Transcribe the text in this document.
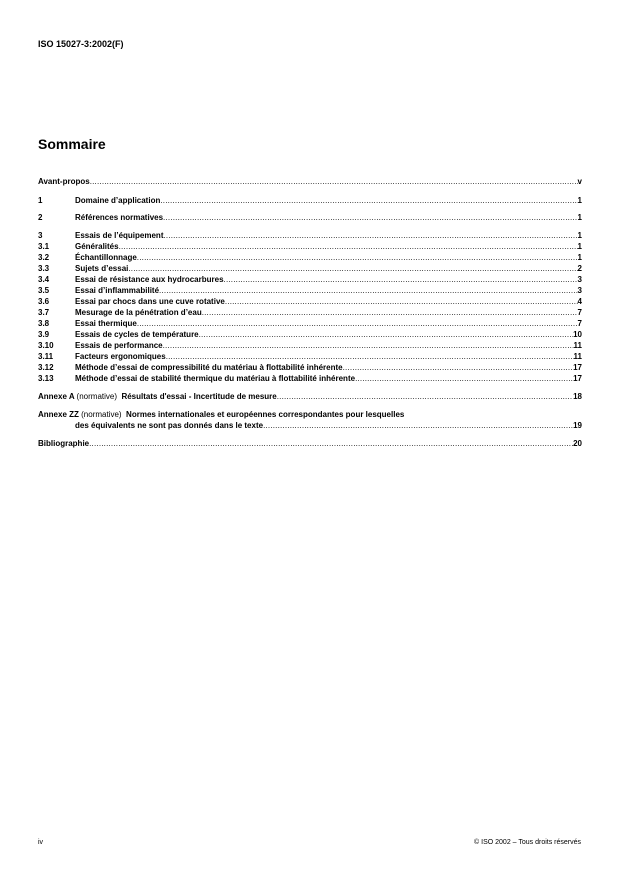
ISO 15027-3:2002(F)
Sommaire
Avant-propos .....	v
1	Domaine d’application .....	1
2	Références normatives .....	1
3	Essais de l’équipement .....	1
3.1	Généralités .....	1
3.2	Échantillonnage .....	1
3.3	Sujets d’essai .....	2
3.4	Essai de résistance aux hydrocarbures .....	3
3.5	Essai d’inflammabilité .....	3
3.6	Essai par chocs dans une cuve rotative .....	4
3.7	Mesurage de la pénétration d’eau .....	7
3.8	Essai thermique .....	7
3.9	Essais de cycles de température .....	10
3.10	Essais de performance .....	11
3.11	Facteurs ergonomiques .....	11
3.12	Méthode d’essai de compressibilité du matériau à flottabilité inhérente .....	17
3.13	Méthode d’essai de stabilité thermique du matériau à flottabilité inhérente .....	17
Annexe A (normative) Résultats d'essai - Incertitude de mesure .....	18
Annexe ZZ (normative) Normes internationales et européennes correspondantes pour lesquelles
des équivalents ne sont pas donnés dans le texte .....	19
Bibliographie .....	20
iv	© ISO 2002 – Tous droits réservés
